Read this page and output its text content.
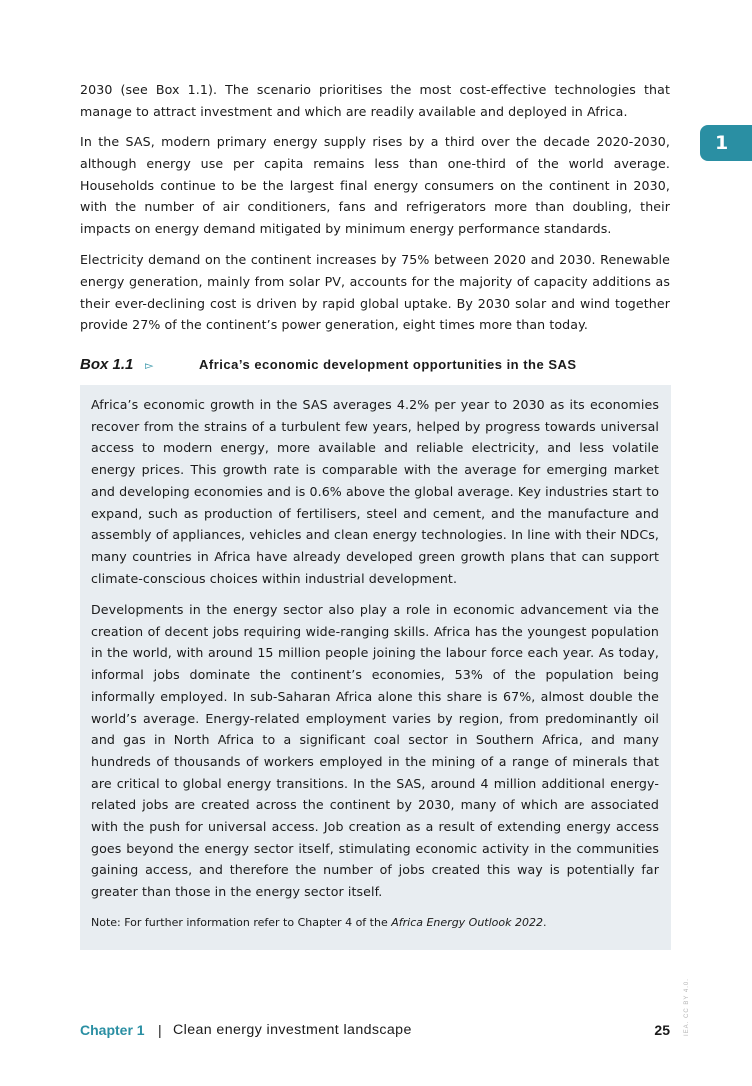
1

2030 (see Box 1.1). The scenario prioritises the most cost-effective technologies that manage to attract investment and which are readily available and deployed in Africa.

In the SAS, modern primary energy supply rises by a third over the decade 2020-2030, although energy use per capita remains less than one-third of the world average. Households continue to be the largest final energy consumers on the continent in 2030, with the number of air conditioners, fans and refrigerators more than doubling, their impacts on energy demand mitigated by minimum energy performance standards.

Electricity demand on the continent increases by 75% between 2020 and 2030. Renewable energy generation, mainly from solar PV, accounts for the majority of capacity additions as their ever-declining cost is driven by rapid global uptake. By 2030 solar and wind together provide 27% of the continent’s power generation, eight times more than today.

Box 1.1 ▻	Africa’s economic development opportunities in the SAS

Africa’s economic growth in the SAS averages 4.2% per year to 2030 as its economies recover from the strains of a turbulent few years, helped by progress towards universal access to modern energy, more available and reliable electricity, and less volatile energy prices. This growth rate is comparable with the average for emerging market and developing economies and is 0.6% above the global average. Key industries start to expand, such as production of fertilisers, steel and cement, and the manufacture and assembly of appliances, vehicles and clean energy technologies. In line with their NDCs, many countries in Africa have already developed green growth plans that can support climate-conscious choices within industrial development.

Developments in the energy sector also play a role in economic advancement via the creation of decent jobs requiring wide-ranging skills. Africa has the youngest population in the world, with around 15 million people joining the labour force each year. As today, informal jobs dominate the continent’s economies, 53% of the population being informally employed. In sub-Saharan Africa alone this share is 67%, almost double the world’s average. Energy-related employment varies by region, from predominantly oil and gas in North Africa to a significant coal sector in Southern Africa, and many hundreds of thousands of workers employed in the mining of a range of minerals that are critical to global energy transitions. In the SAS, around 4 million additional energy-related jobs are created across the continent by 2030, many of which are associated with the push for universal access. Job creation as a result of extending energy access goes beyond the energy sector itself, stimulating economic activity in the communities gaining access, and therefore the number of jobs created this way is potentially far greater than those in the energy sector itself.

Note: For further information refer to Chapter 4 of the Africa Energy Outlook 2022.

Chapter 1 | Clean energy investment landscape	25 IEA. CC BY 4.0.
